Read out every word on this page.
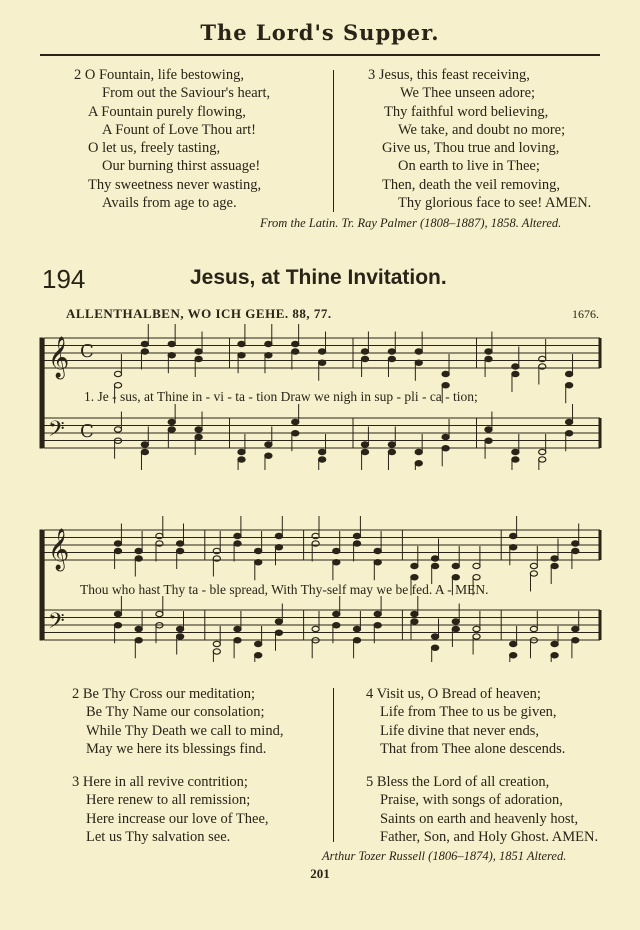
The Lord's Supper.
2 O Fountain, life bestowing,
From out the Saviour's heart,
A Fountain purely flowing,
A Fount of Love Thou art!
O let us, freely tasting,
Our burning thirst assuage!
Thy sweetness never wasting,
Avails from age to age.
3 Jesus, this feast receiving,
We Thee unseen adore;
Thy faithful word believing,
We take, and doubt no more;
Give us, Thou true and loving,
On earth to live in Thee;
Then, death the veil removing,
Thy glorious face to see! AMEN.
From the Latin. Tr. Ray Palmer (1808–1887), 1858. Altered.
194	Jesus, at Thine Invitation.
ALLENTHALBEN, WO ICH GEHE. 88, 77.	1676.
𝄞
𝄢
C
C
1. Je - sus, at Thine in - vi - ta - tion Draw we nigh in sup - pli - ca - tion;
𝄞
𝄢
Thou who hast Thy ta - ble spread, With Thy-self may we be fed. A - MEN.
2 Be Thy Cross our meditation;
Be Thy Name our consolation;
While Thy Death we call to mind,
May we here its blessings find.
3 Here in all revive contrition;
Here renew to all remission;
Here increase our love of Thee,
Let us Thy salvation see.
4 Visit us, O Bread of heaven;
Life from Thee to us be given,
Life divine that never ends,
That from Thee alone descends.
5 Bless the Lord of all creation,
Praise, with songs of adoration,
Saints on earth and heavenly host,
Father, Son, and Holy Ghost. AMEN.
Arthur Tozer Russell (1806–1874), 1851 Altered.
201
